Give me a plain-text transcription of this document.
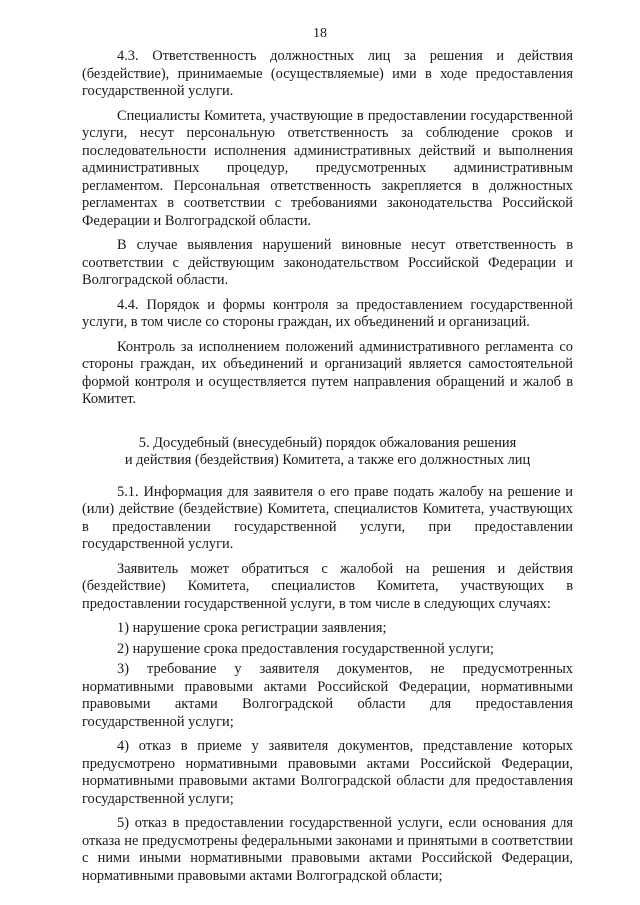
18

4.3. Ответственность должностных лиц за решения и действия (бездействие), принимаемые (осуществляемые) ими в ходе предоставления государственной услуги.

Специалисты Комитета, участвующие в предоставлении государственной услуги, несут персональную ответственность за соблюдение сроков и последовательности исполнения административных действий и выполнения административных процедур, предусмотренных административным регламентом. Персональная ответственность закрепляется в должностных регламентах в соответствии с требованиями законодательства Российской Федерации и Волгоградской области.

В случае выявления нарушений виновные несут ответственность в соответствии с действующим законодательством Российской Федерации и Волгоградской области.

4.4. Порядок и формы контроля за предоставлением государственной услуги, в том числе со стороны граждан, их объединений и организаций.

Контроль за исполнением положений административного регламента со стороны граждан, их объединений и организаций является самостоятельной формой контроля и осуществляется путем направления обращений и жалоб в Комитет.

5. Досудебный (внесудебный) порядок обжалования решения
и действия (бездействия) Комитета, а также его должностных лиц

5.1. Информация для заявителя о его праве подать жалобу на решение и (или) действие (бездействие) Комитета, специалистов Комитета, участвующих в предоставлении государственной услуги, при предоставлении государственной услуги.

Заявитель может обратиться с жалобой на решения и действия (бездействие) Комитета, специалистов Комитета, участвующих в предоставлении государственной услуги, в том числе в следующих случаях:

1) нарушение срока регистрации заявления;

2) нарушение срока предоставления государственной услуги;

3) требование у заявителя документов, не предусмотренных нормативными правовыми актами Российской Федерации, нормативными правовыми актами Волгоградской области для предоставления государственной услуги;

4) отказ в приеме у заявителя документов, представление которых предусмотрено нормативными правовыми актами Российской Федерации, нормативными правовыми актами Волгоградской области для предоставления государственной услуги;

5) отказ в предоставлении государственной услуги, если основания для отказа не предусмотрены федеральными законами и принятыми в соответствии с ними иными нормативными правовыми актами Российской Федерации, нормативными правовыми актами Волгоградской области;
